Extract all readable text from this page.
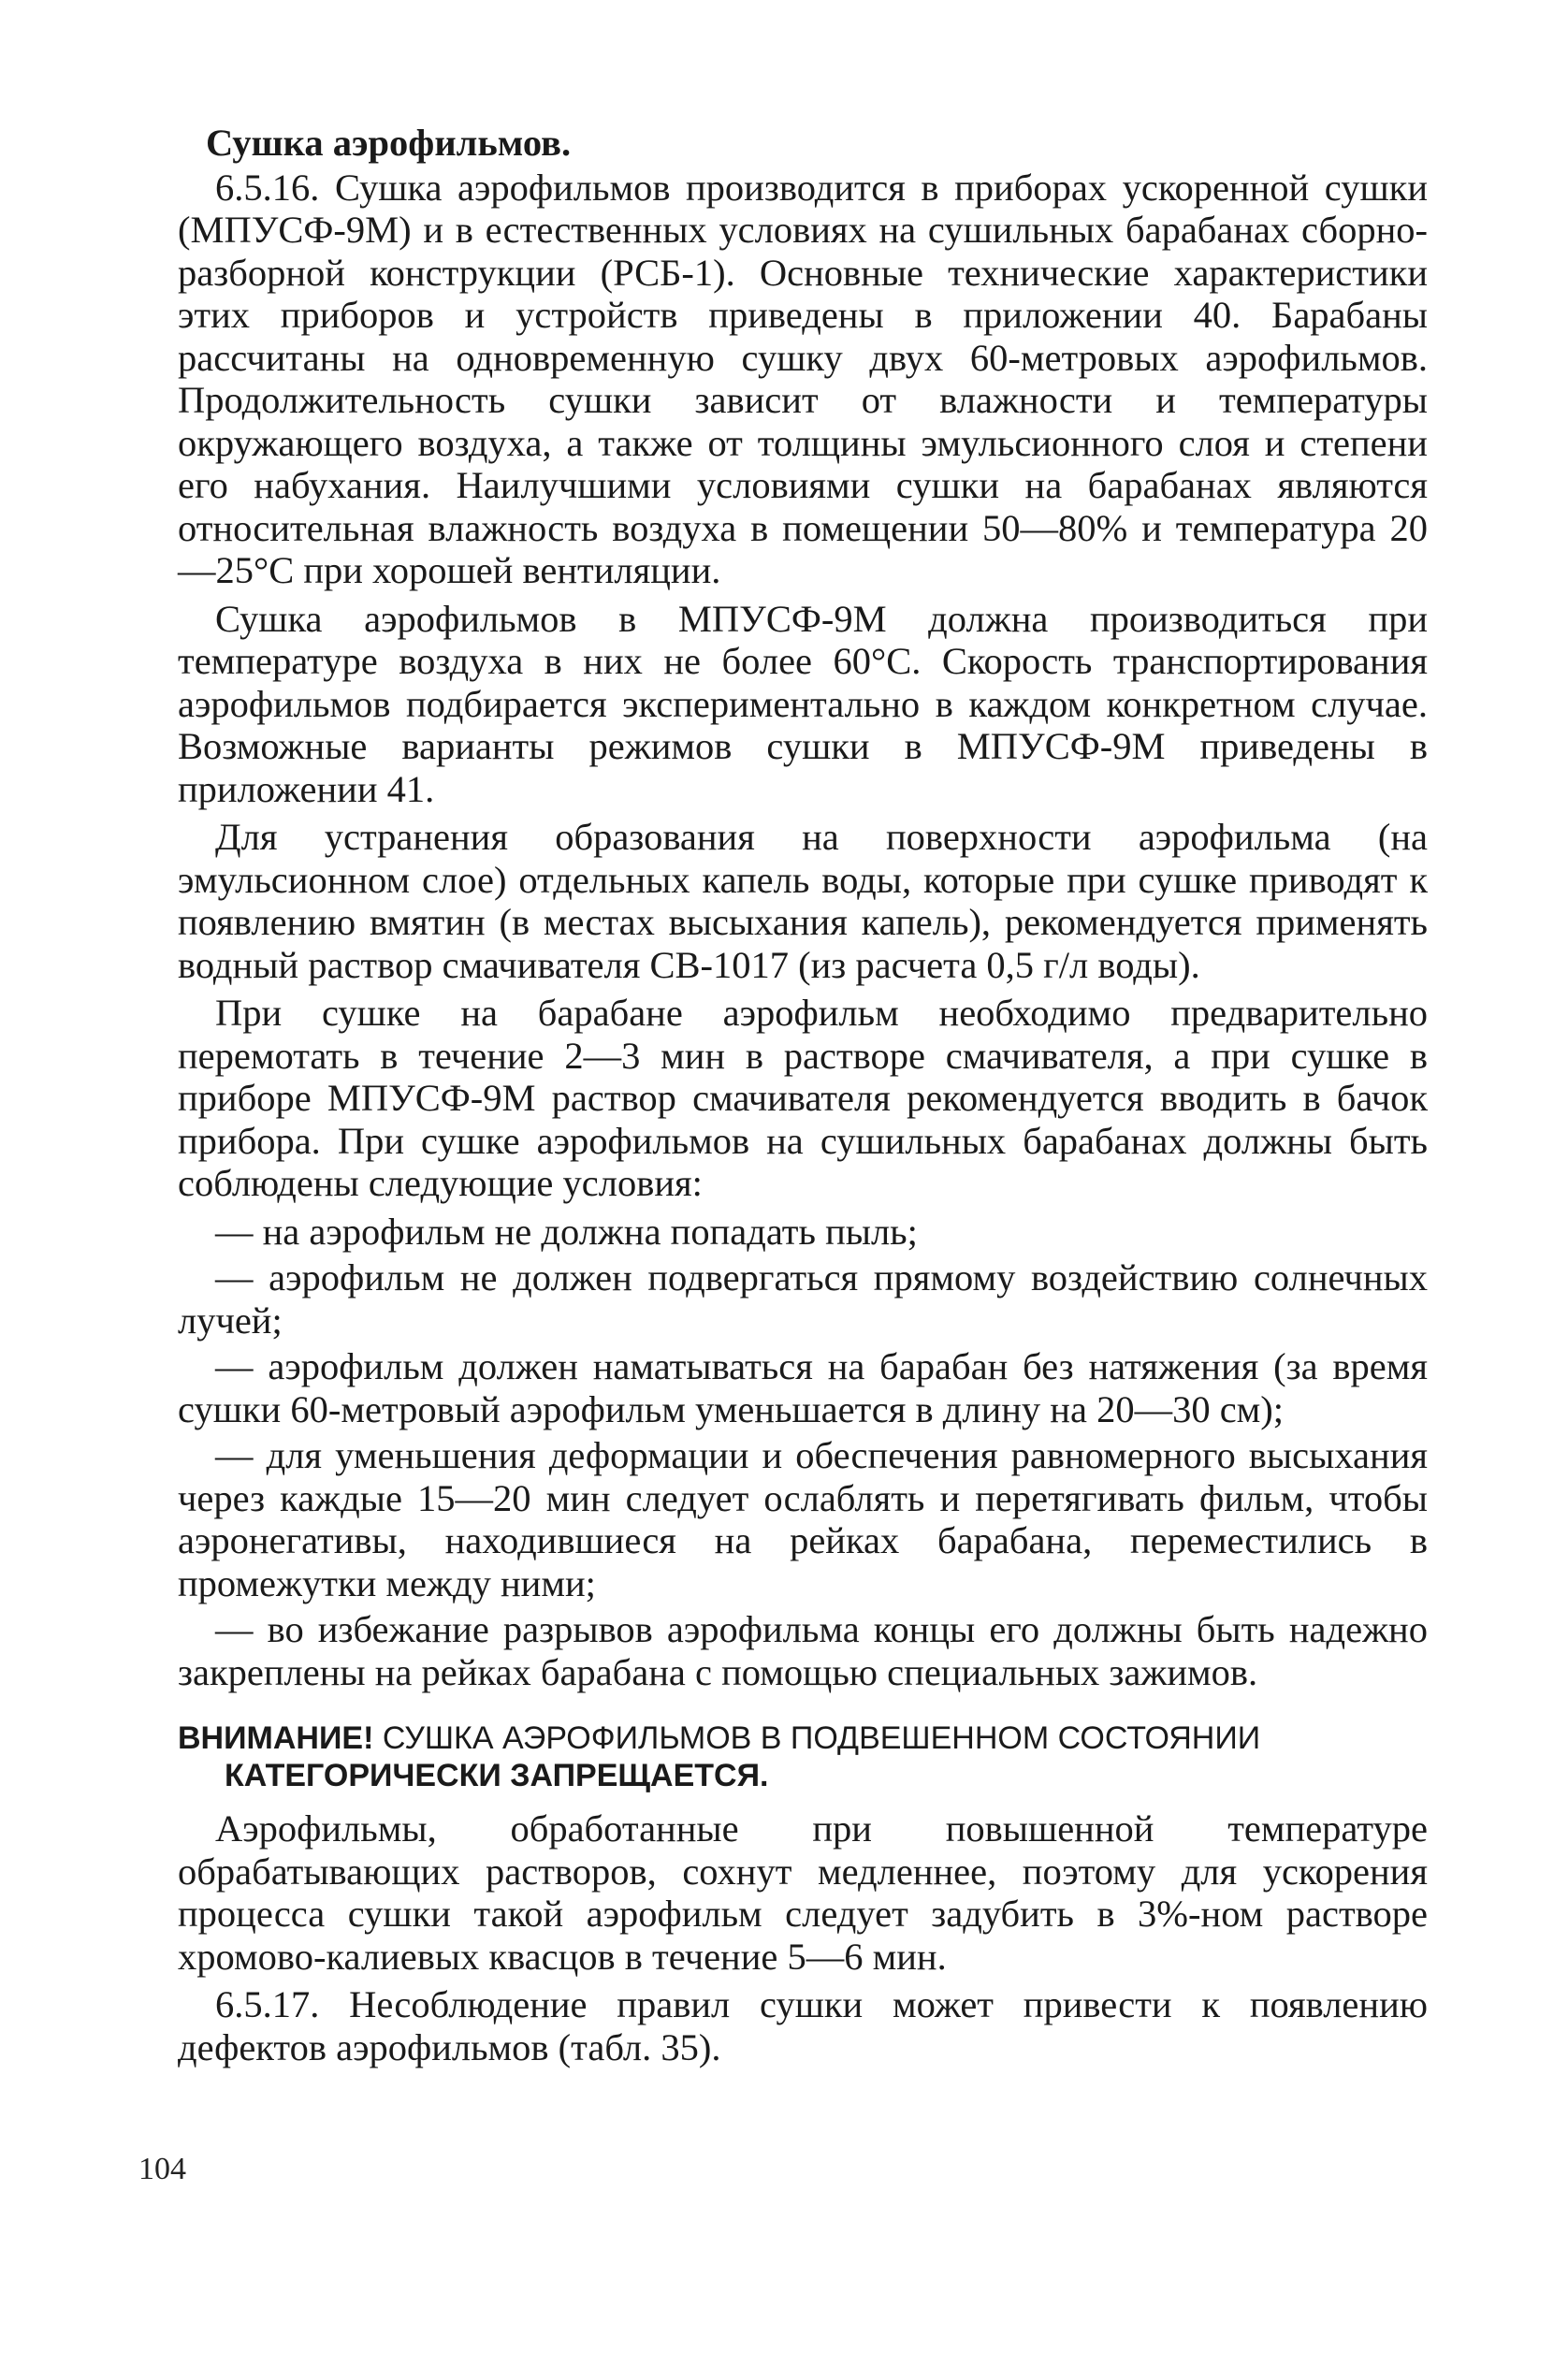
Сушка аэрофильмов.

6.5.16. Сушка аэрофильмов производится в приборах ускоренной сушки (МПУСФ-9М) и в естественных условиях на сушильных барабанах сборно-разборной конструкции (РСБ-1). Основные технические характеристики этих приборов и устройств приведены в приложении 40. Барабаны рассчитаны на одновременную сушку двух 60-метровых аэрофильмов. Продолжительность сушки зависит от влажности и температуры окружающего воздуха, а также от толщины эмульсионного слоя и степени его набухания. Наилучшими условиями сушки на барабанах являются относительная влажность воздуха в помещении 50—80% и температура 20—25°С при хорошей вентиляции.

Сушка аэрофильмов в МПУСФ-9М должна производиться при температуре воздуха в них не более 60°С. Скорость транспортирования аэрофильмов подбирается экспериментально в каждом конкретном случае. Возможные варианты режимов сушки в МПУСФ-9М приведены в приложении 41.

Для устранения образования на поверхности аэрофильма (на эмульсионном слое) отдельных капель воды, которые при сушке приводят к появлению вмятин (в местах высыхания капель), рекомендуется применять водный раствор смачивателя СВ-1017 (из расчета 0,5 г/л воды).

При сушке на барабане аэрофильм необходимо предварительно перемотать в течение 2—3 мин в растворе смачивателя, а при сушке в приборе МПУСФ-9М раствор смачивателя рекомендуется вводить в бачок прибора. При сушке аэрофильмов на сушильных барабанах должны быть соблюдены следующие условия:

— на аэрофильм не должна попадать пыль;

— аэрофильм не должен подвергаться прямому воздействию солнечных лучей;

— аэрофильм должен наматываться на барабан без натяжения (за время сушки 60-метровый аэрофильм уменьшается в длину на 20—30 см);

— для уменьшения деформации и обеспечения равномерного высыхания через каждые 15—20 мин следует ослаблять и перетягивать фильм, чтобы аэронегативы, находившиеся на рейках барабана, переместились в промежутки между ними;

— во избежание разрывов аэрофильма концы его должны быть надежно закреплены на рейках барабана с помощью специальных зажимов.

ВНИМАНИЕ! СУШКА АЭРОФИЛЬМОВ В ПОДВЕШЕННОМ СОСТОЯНИИ КАТЕГОРИЧЕСКИ ЗАПРЕЩАЕТСЯ.

Аэрофильмы, обработанные при повышенной температуре обрабатывающих растворов, сохнут медленнее, поэтому для ускорения процесса сушки такой аэрофильм следует задубить в 3%-ном растворе хромово-калиевых квасцов в течение 5—6 мин.

6.5.17. Несоблюдение правил сушки может привести к появлению дефектов аэрофильмов (табл. 35).

104
